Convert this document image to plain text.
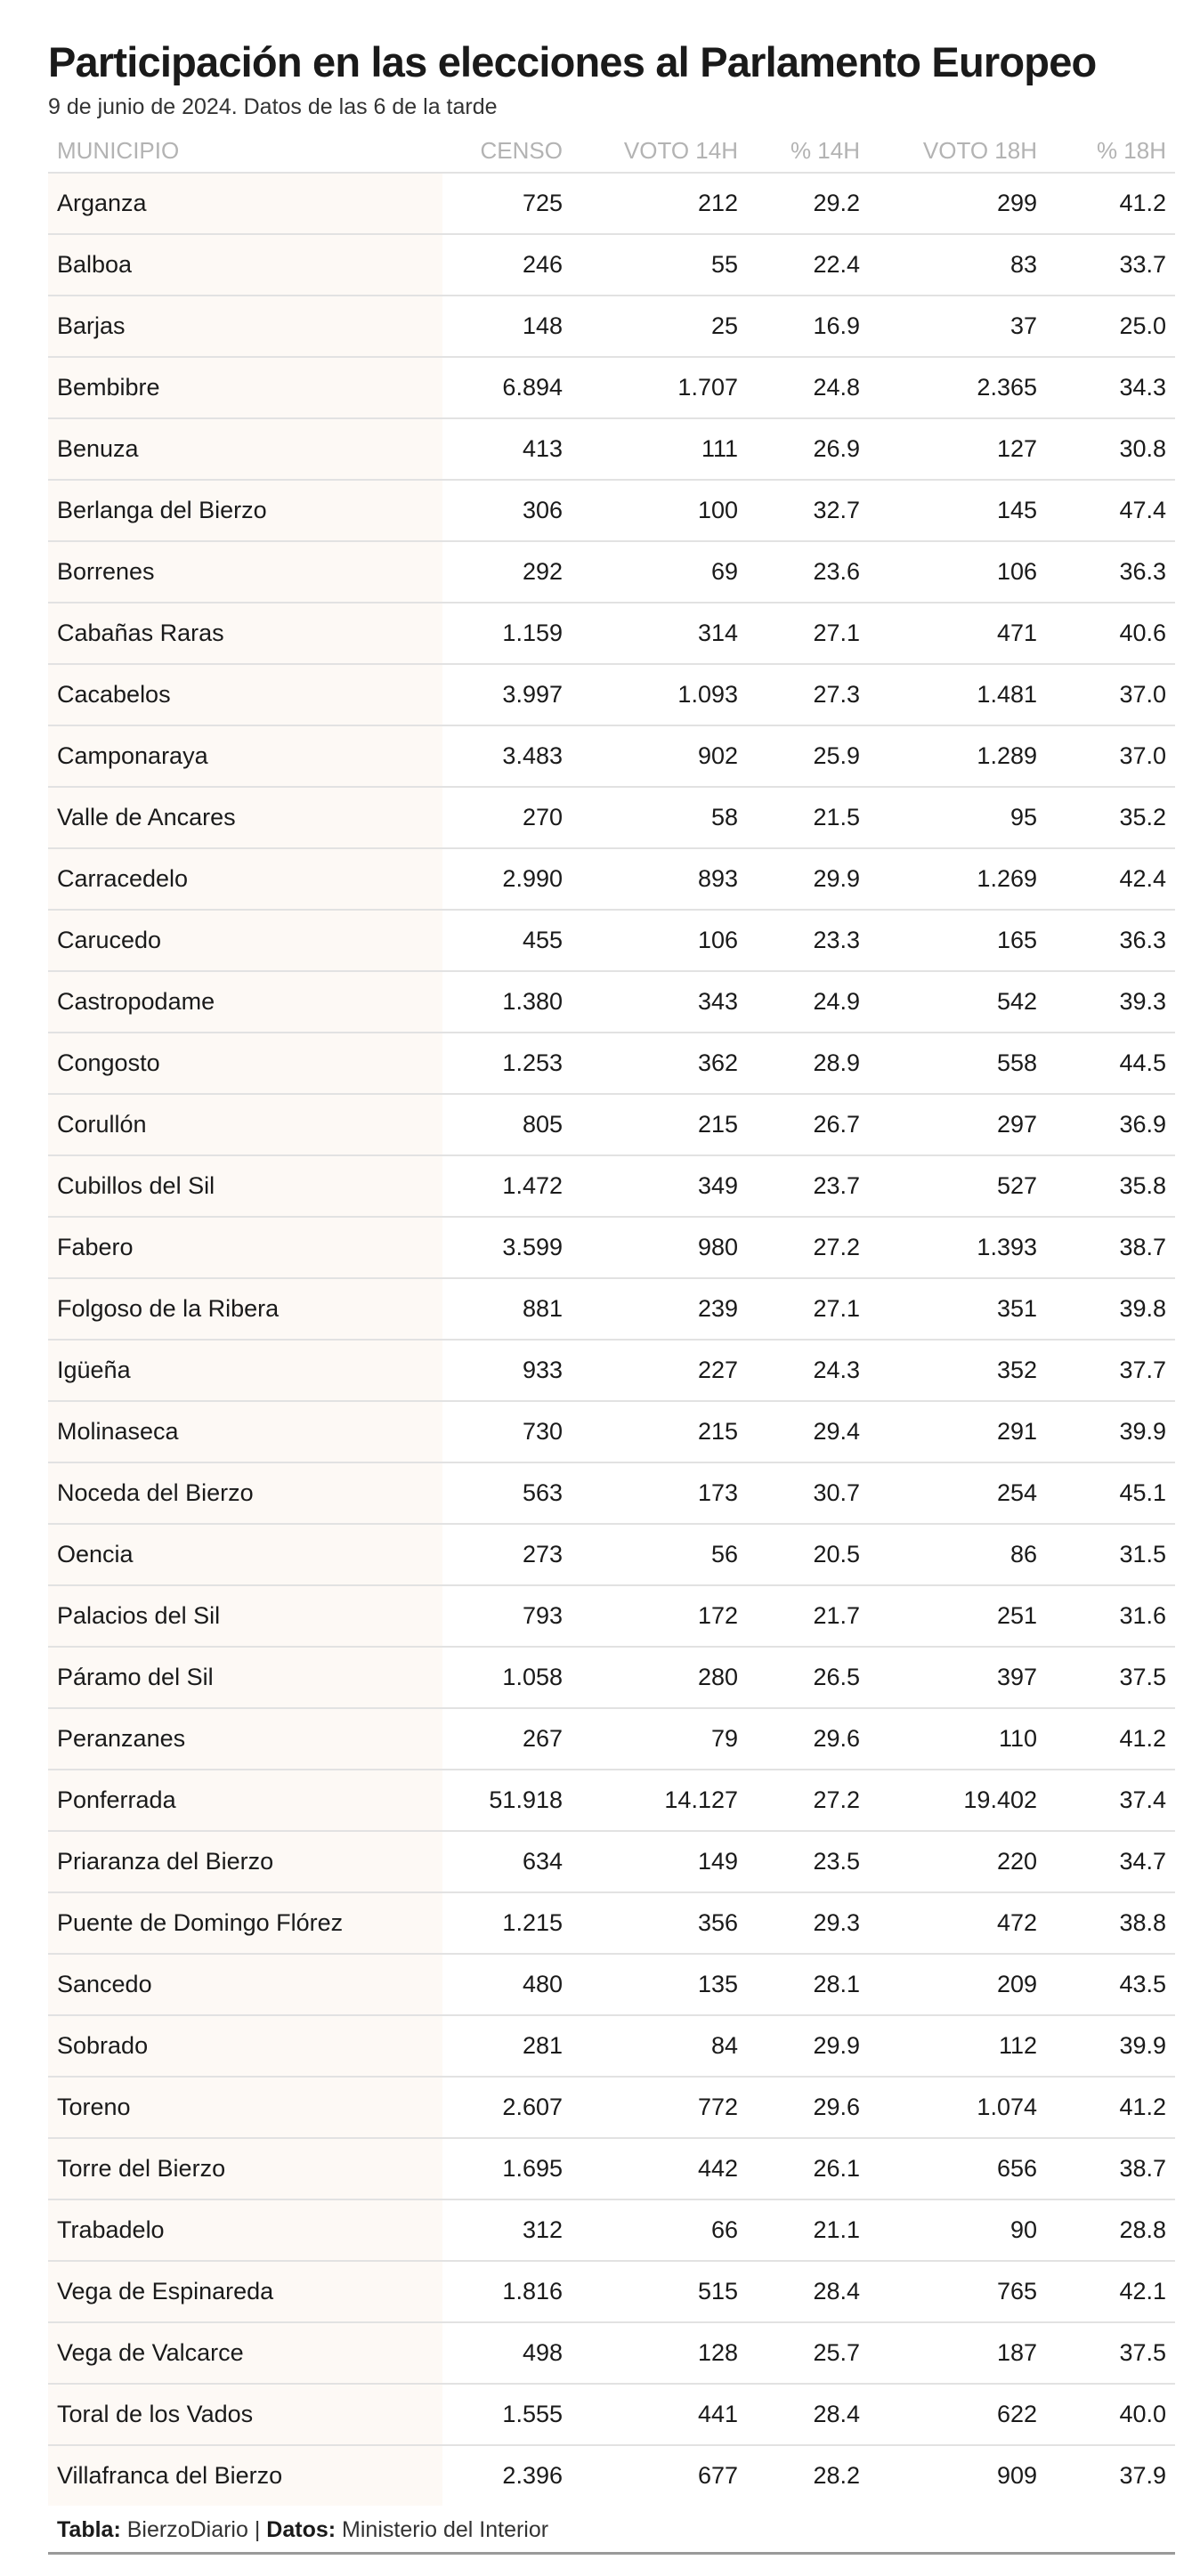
Participación en las elecciones al Parlamento Europeo
9 de junio de 2024. Datos de las 6 de la tarde
MUNICIPIO	CENSO	VOTO 14H	% 14H	VOTO 18H	% 18H
Arganza	725	212	29.2	299	41.2
Balboa	246	55	22.4	83	33.7
Barjas	148	25	16.9	37	25.0
Bembibre	6.894	1.707	24.8	2.365	34.3
Benuza	413	111	26.9	127	30.8
Berlanga del Bierzo	306	100	32.7	145	47.4
Borrenes	292	69	23.6	106	36.3
Cabañas Raras	1.159	314	27.1	471	40.6
Cacabelos	3.997	1.093	27.3	1.481	37.0
Camponaraya	3.483	902	25.9	1.289	37.0
Valle de Ancares	270	58	21.5	95	35.2
Carracedelo	2.990	893	29.9	1.269	42.4
Carucedo	455	106	23.3	165	36.3
Castropodame	1.380	343	24.9	542	39.3
Congosto	1.253	362	28.9	558	44.5
Corullón	805	215	26.7	297	36.9
Cubillos del Sil	1.472	349	23.7	527	35.8
Fabero	3.599	980	27.2	1.393	38.7
Folgoso de la Ribera	881	239	27.1	351	39.8
Igüeña	933	227	24.3	352	37.7
Molinaseca	730	215	29.4	291	39.9
Noceda del Bierzo	563	173	30.7	254	45.1
Oencia	273	56	20.5	86	31.5
Palacios del Sil	793	172	21.7	251	31.6
Páramo del Sil	1.058	280	26.5	397	37.5
Peranzanes	267	79	29.6	110	41.2
Ponferrada	51.918	14.127	27.2	19.402	37.4
Priaranza del Bierzo	634	149	23.5	220	34.7
Puente de Domingo Flórez	1.215	356	29.3	472	38.8
Sancedo	480	135	28.1	209	43.5
Sobrado	281	84	29.9	112	39.9
Toreno	2.607	772	29.6	1.074	41.2
Torre del Bierzo	1.695	442	26.1	656	38.7
Trabadelo	312	66	21.1	90	28.8
Vega de Espinareda	1.816	515	28.4	765	42.1
Vega de Valcarce	498	128	25.7	187	37.5
Toral de los Vados	1.555	441	28.4	622	40.0
Villafranca del Bierzo	2.396	677	28.2	909	37.9
Tabla: BierzoDiario | Datos: Ministerio del Interior
